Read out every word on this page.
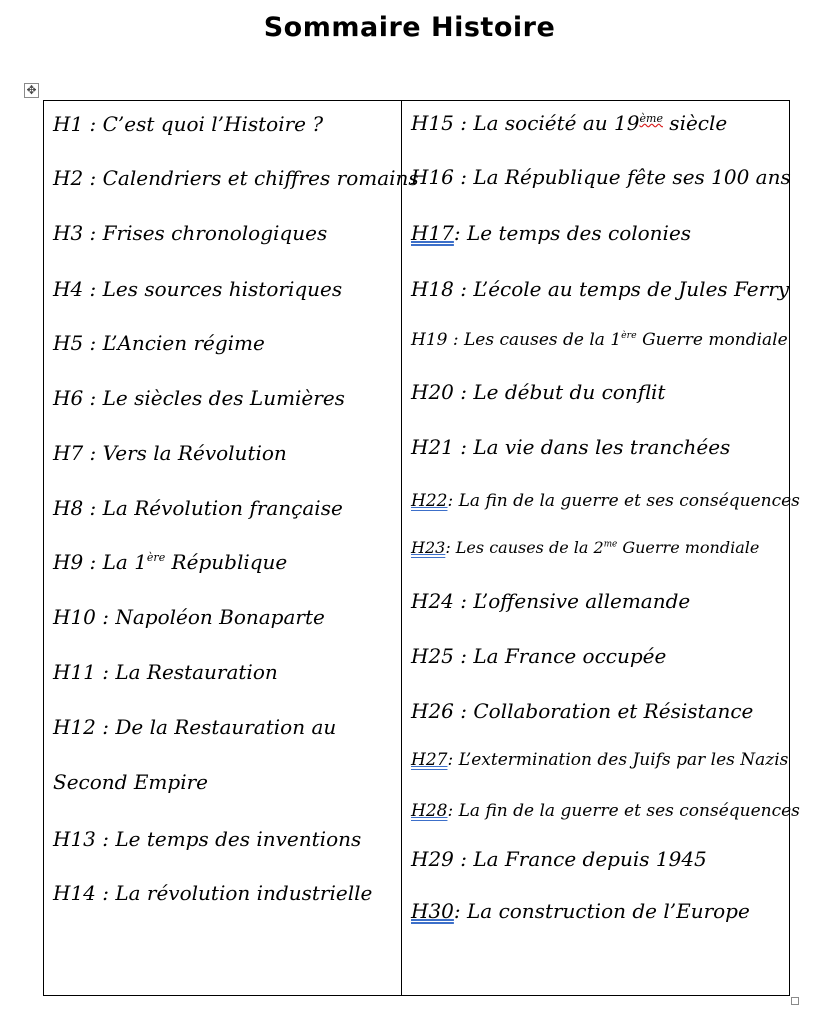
Sommaire Histoire
✥
H1 : C’est quoi l’Histoire ?
H2 : Calendriers et chiffres romains
H3 : Frises chronologiques
H4 : Les sources historiques
H5 : L’Ancien régime
H6 : Le siècles des Lumières
H7 : Vers la Révolution
H8 : La Révolution française
H9 : La 1ère République
H10 : Napoléon Bonaparte
H11 : La Restauration
H12 : De la Restauration au
Second Empire
H13 : Le temps des inventions
H14 : La révolution industrielle
H15 : La société au 19ème siècle
H16 : La République fête ses 100 ans
H17: Le temps des colonies
H18 : L’école au temps de Jules Ferry
H19 : Les causes de la 1ère Guerre mondiale
H20 : Le début du conflit
H21 : La vie dans les tranchées
H22: La fin de la guerre et ses conséquences
H23: Les causes de la $2^{me}$ Guerre mondiale
H24 : L’offensive allemande
H25 : La France occupée
H26 : Collaboration et Résistance
H27: L’extermination des Juifs par les Nazis
H28: La fin de la guerre et ses conséquences
H29 : La France depuis 1945
H30: La construction de l’Europe
